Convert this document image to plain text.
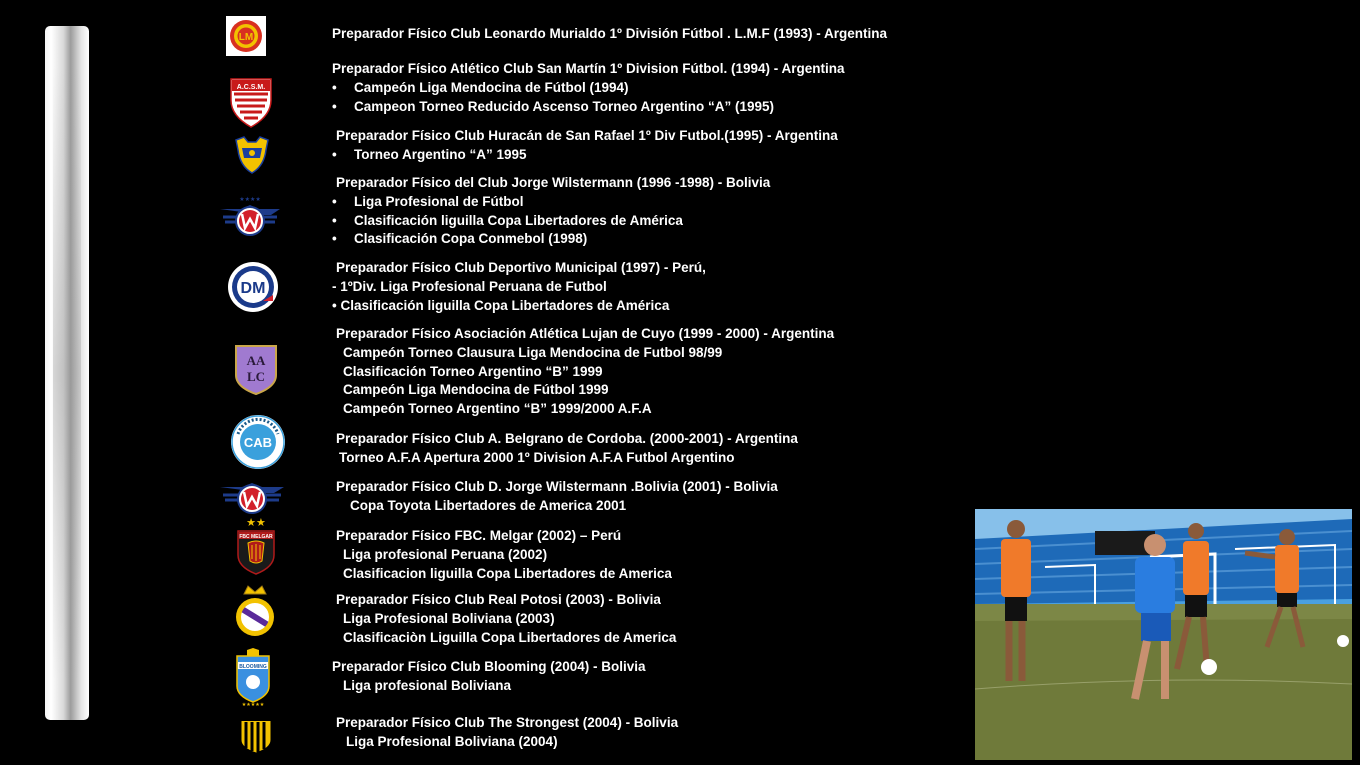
LM	Preparador Físico Club Leonardo Murialdo 1º División Fútbol . L.M.F (1993) - Argentina
A.C.S.M.
Preparador Físico Atlético Club San Martín 1º Division Fútbol. (1994) - Argentina
• Campeón Liga Mendocina de Fútbol (1994)
• Campeon Torneo Reducido Ascenso Torneo Argentino “A” (1995)
Preparador Físico Club Huracán de San Rafael 1º Div Futbol.(1995) - Argentina
• Torneo Argentino “A” 1995
★★★★
Preparador Físico del Club Jorge Wilstermann (1996 -1998) - Bolivia
• Liga Profesional de Fútbol
• Clasificación liguilla Copa Libertadores de América
• Clasificación Copa Conmebol (1998)
DM
Preparador Físico Club Deportivo Municipal (1997) - Perú,
- 1ºDiv. Liga Profesional Peruana de Futbol
• Clasificación liguilla Copa Libertadores de América
AA
LC
Preparador Físico Asociación Atlética Lujan de Cuyo (1999 - 2000) - Argentina
Campeón Torneo Clausura Liga Mendocina de Futbol 98/99
Clasificación Torneo Argentino “B” 1999
Campeón Liga Mendocina de Fútbol 1999
Campeón Torneo Argentino “B” 1999/2000 A.F.A
CAB	Preparador Físico Club A. Belgrano de Cordoba. (2000-2001) - Argentina
Torneo A.F.A Apertura 2000 1º Division A.F.A Futbol Argentino
Preparador Físico Club D. Jorge Wilstermann .Bolivia (2001) - Bolivia
Copa Toyota Libertadores de America 2001
★★
FBC MELGAR	Preparador Físico FBC. Melgar (2002) – Perú
Liga profesional Peruana (2002)
Clasificacion liguilla Copa Libertadores de America
Preparador Físico Club Real Potosi (2003) - Bolivia
Liga Profesional Boliviana (2003)
Clasificaciòn Liguilla Copa Libertadores de America
BLOOMING
★★★★★
Preparador Físico Club Blooming (2004) - Bolivia
Liga profesional Boliviana
Preparador Físico Club The Strongest (2004) - Bolivia
Liga Profesional Boliviana (2004)
